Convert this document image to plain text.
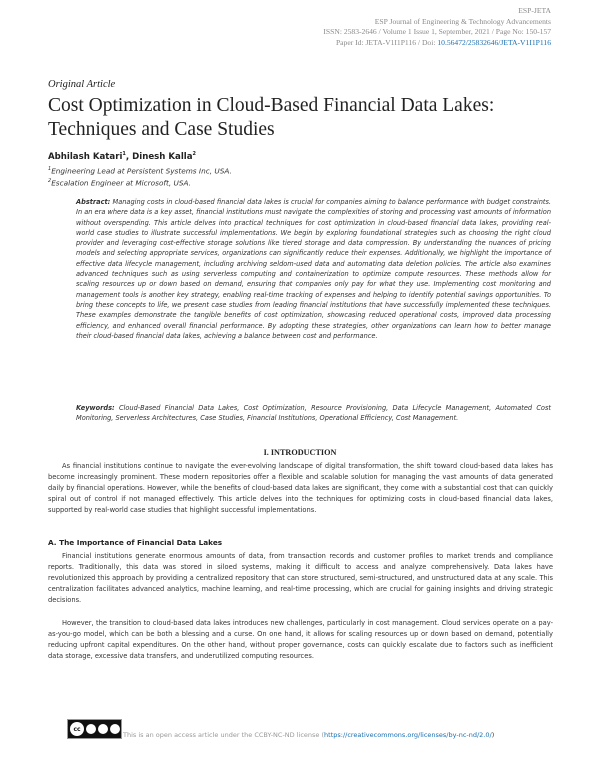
ESP-JETA
ESP Journal of Engineering & Technology Advancements
ISSN: 2583-2646 / Volume 1 Issue 1, September, 2021 / Page No: 150-157
Paper Id: JETA-V1I1P116 / Doi: 10.56472/25832646/JETA-V1I1P116
Original Article
Cost Optimization in Cloud-Based Financial Data Lakes: Techniques and Case Studies
Abhilash Katari$^1$, Dinesh Kalla$^2$
$^1$Engineering Lead at Persistent Systems Inc, USA.
$^2$Escalation Engineer at Microsoft, USA.

Abstract: Managing costs in cloud-based financial data lakes is crucial for companies aiming to balance performance with budget constraints. In an era where data is a key asset, financial institutions must navigate the complexities of storing and processing vast amounts of information without overspending. This article delves into practical techniques for cost optimization in cloud-based financial data lakes, providing real-world case studies to illustrate successful implementations. We begin by exploring foundational strategies such as choosing the right cloud provider and leveraging cost-effective storage solutions like tiered storage and data compression. By understanding the nuances of pricing models and selecting appropriate services, organizations can significantly reduce their expenses. Additionally, we highlight the importance of effective data lifecycle management, including archiving seldom-used data and automating data deletion policies. The article also examines advanced techniques such as using serverless computing and containerization to optimize compute resources. These methods allow for scaling resources up or down based on demand, ensuring that companies only pay for what they use. Implementing cost monitoring and management tools is another key strategy, enabling real-time tracking of expenses and helping to identify potential savings opportunities. To bring these concepts to life, we present case studies from leading financial institutions that have successfully implemented these techniques. These examples demonstrate the tangible benefits of cost optimization, showcasing reduced operational costs, improved data processing efficiency, and enhanced overall financial performance. By adopting these strategies, other organizations can learn how to better manage their cloud-based financial data lakes, achieving a balance between cost and performance.

Keywords: Cloud-Based Financial Data Lakes, Cost Optimization, Resource Provisioning, Data Lifecycle Management, Automated Cost Monitoring, Serverless Architectures, Case Studies, Financial Institutions, Operational Efficiency, Cost Management.

I. INTRODUCTION

As financial institutions continue to navigate the ever-evolving landscape of digital transformation, the shift toward cloud-based data lakes has become increasingly prominent. These modern repositories offer a flexible and scalable solution for managing the vast amounts of data generated daily by financial operations. However, while the benefits of cloud-based data lakes are significant, they come with a substantial cost that can quickly spiral out of control if not managed effectively. This article delves into the techniques for optimizing costs in cloud-based financial data lakes, supported by real-world case studies that highlight successful implementations.

A. The Importance of Financial Data Lakes

Financial institutions generate enormous amounts of data, from transaction records and customer profiles to market trends and compliance reports. Traditionally, this data was stored in siloed systems, making it difficult to access and analyze comprehensively. Data lakes have revolutionized this approach by providing a centralized repository that can store structured, semi-structured, and unstructured data at any scale. This centralization facilitates advanced analytics, machine learning, and real-time processing, which are crucial for gaining insights and driving strategic decisions.

However, the transition to cloud-based data lakes introduces new challenges, particularly in cost management. Cloud services operate on a pay-as-you-go model, which can be both a blessing and a curse. On one hand, it allows for scaling resources up or down based on demand, potentially reducing upfront capital expenditures. On the other hand, without proper governance, costs can quickly escalate due to factors such as inefficient data storage, excessive data transfers, and underutilized computing resources.

cc
This is an open access article under the CCBY-NC-ND license (https://creativecommons.org/licenses/by-nc-nd/2.0/)
